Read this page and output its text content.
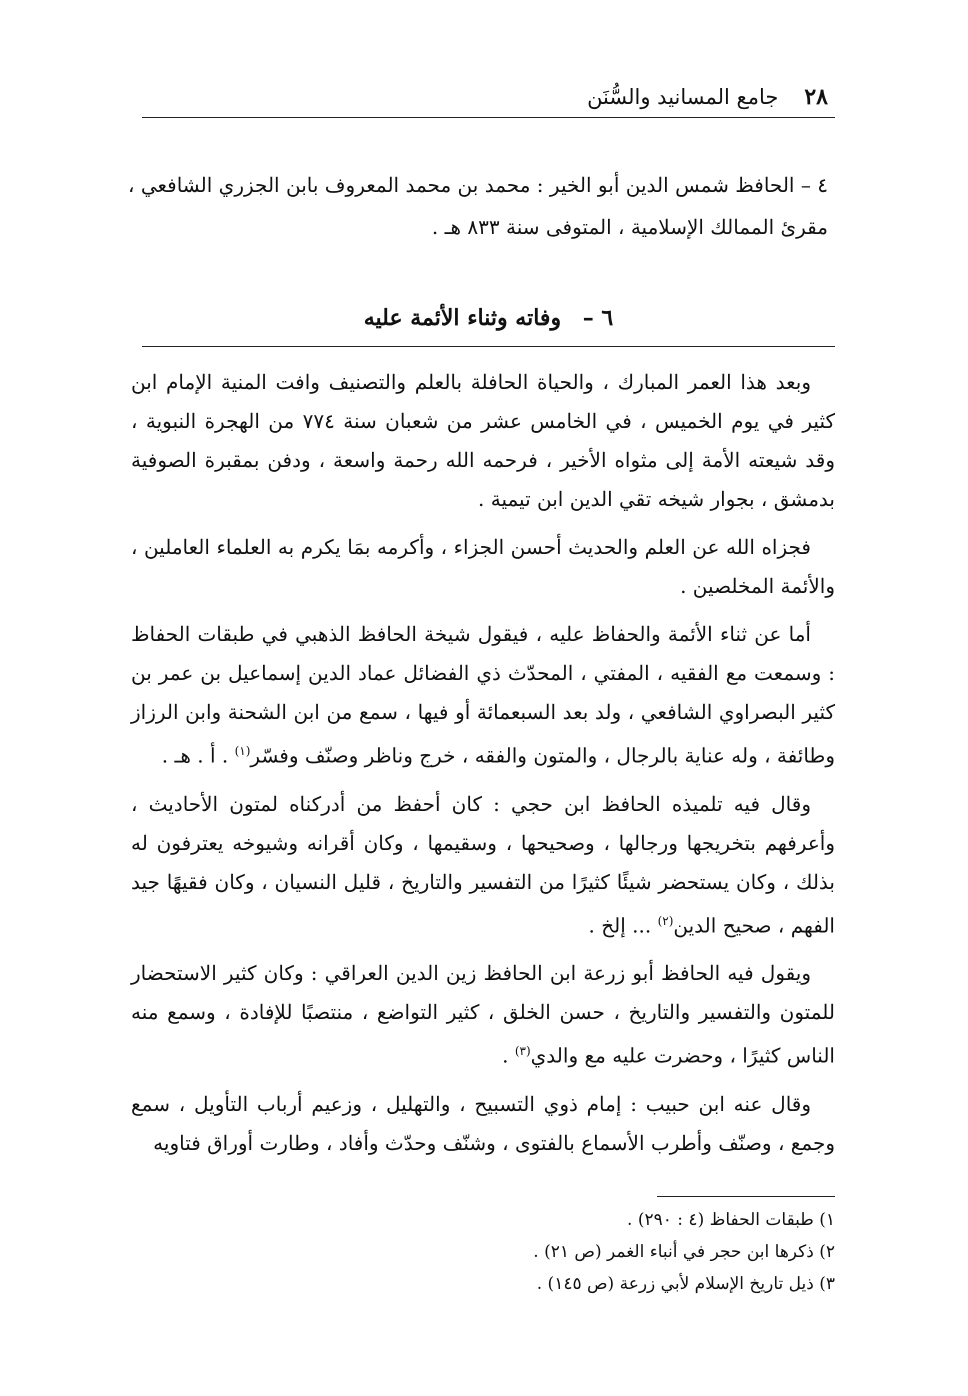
٢٨
جامع المسانيد والسُّنَن
٤ – الحافظ شمس الدين أبو الخير : محمد بن محمد المعروف بابن الجزري الشافعي ، مقرئ الممالك الإسلامية ، المتوفى سنة ٨٣٣ هـ .
٦ – وفاته وثناء الأئمة عليه

وبعد هذا العمر المبارك ، والحياة الحافلة بالعلم والتصنيف وافت المنية الإمام ابن كثير في يوم الخميس ، في الخامس عشر من شعبان سنة ٧٧٤ من الهجرة النبوية ، وقد شيعته الأمة إلى مثواه الأخير ، فرحمه الله رحمة واسعة ، ودفن بمقبرة الصوفية بدمشق ، بجوار شيخه تقي الدين ابن تيمية .

فجزاه الله عن العلم والحديث أحسن الجزاء ، وأكرمه بمَا يكرم به العلماء العاملين ، والأئمة المخلصين .

أما عن ثناء الأئمة والحفاظ عليه ، فيقول شيخة الحافظ الذهبي في طبقات الحفاظ : وسمعت مع الفقيه ، المفتي ، المحدّث ذي الفضائل عماد الدين إسماعيل بن عمر بن كثير البصراوي الشافعي ، ولد بعد السبعمائة أو فيها ، سمع من ابن الشحنة وابن الرزاز وطائفة ، وله عناية بالرجال ، والمتون والفقه ، خرج وناظر وصنّف وفسّر$^{(١)}$ . أ . هـ .

وقال فيه تلميذه الحافظ ابن حجي : كان أحفظ من أدركناه لمتون الأحاديث ، وأعرفهم بتخريجها ورجالها ، وصحيحها ، وسقيمها ، وكان أقرانه وشيوخه يعترفون له بذلك ، وكان يستحضر شيئًا كثيرًا من التفسير والتاريخ ، قليل النسيان ، وكان فقيهًا جيد الفهم ، صحيح الدين$^{(٢)}$ ... إلخ .

ويقول فيه الحافظ أبو زرعة ابن الحافظ زين الدين العراقي : وكان كثير الاستحضار للمتون والتفسير والتاريخ ، حسن الخلق ، كثير التواضع ، منتصبًا للإفادة ، وسمع منه الناس كثيرًا ، وحضرت عليه مع والدي$^{(٣)}$ .

وقال عنه ابن حبيب : إمام ذوي التسبيح ، والتهليل ، وزعيم أرباب التأويل ، سمع وجمع ، وصنّف وأطرب الأسماع بالفتوى ، وشنّف وحدّث وأفاد ، وطارت أوراق فتاويه

١) طبقات الحفاظ (٤ : ٢٩٠) .

٢) ذكرها ابن حجر في أنباء الغمر (ص ٢١) .

٣) ذيل تاريخ الإسلام لأبي زرعة (ص ١٤٥) .
